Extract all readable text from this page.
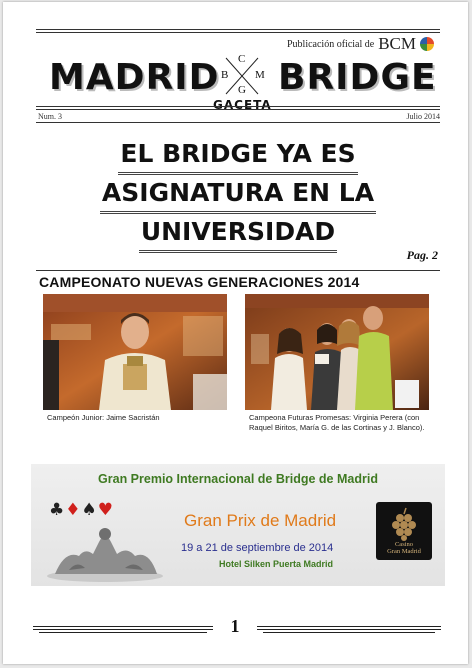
Publicación oficial de BCM
MADRID C
B M
G BRIDGE
GACETA
Num. 3	Julio 2014
EL BRIDGE YA ES
ASIGNATURA EN LA
UNIVERSIDAD
Pag. 2
CAMPEONATO NUEVAS GENERACIONES 2014
Campeón Junior: Jaime Sacristán	Campeona Futuras Promesas: Virginia Perera (con
Raquel Biritos, María G. de las Cortinas y J. Blanco).
Gran Premio Internacional de Bridge de Madrid
♣♦♠♥
Gran Prix de Madrid
19 a 21 de septiembre de 2014
Hotel Silken Puerta Madrid
Casino
Gran Madrid
1
